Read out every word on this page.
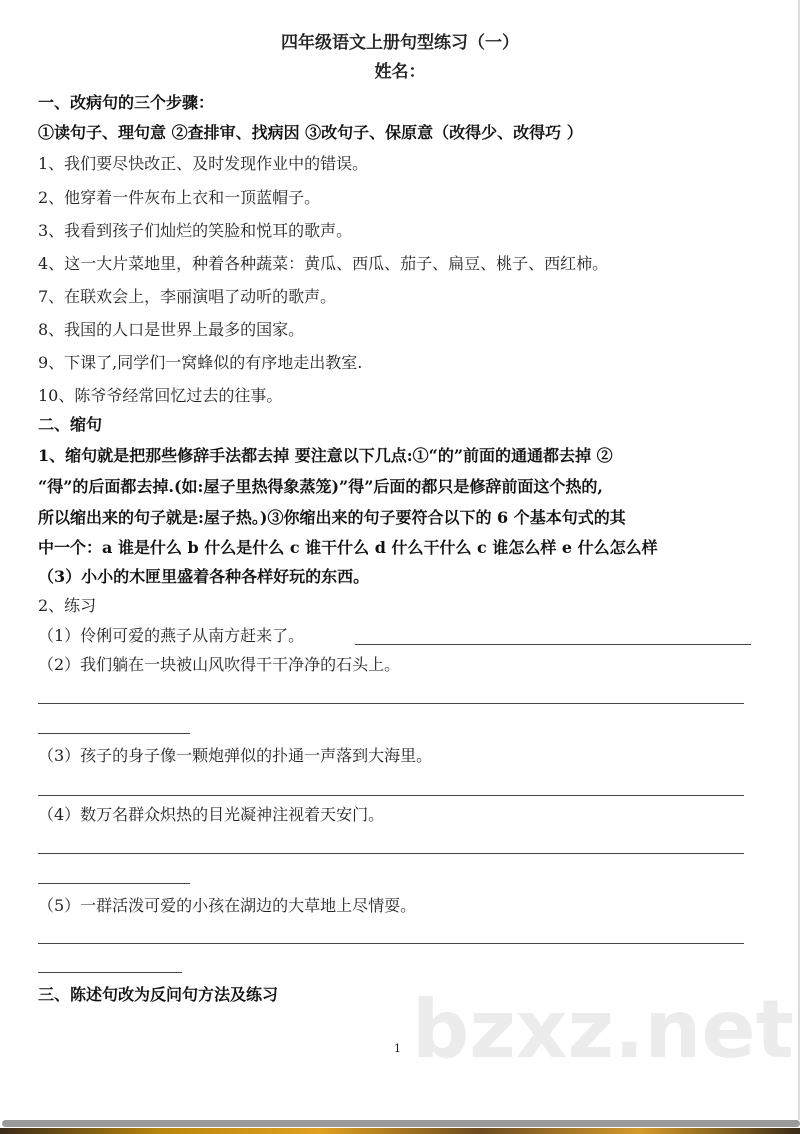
四年级语文上册句型练习（一）
姓名：
一、改病句的三个步骤：
①读句子、理句意 ②查排审、找病因 ③改句子、保原意（改得少、改得巧 ）
1、我们要尽快改正、及时发现作业中的错误。
2、他穿着一件灰布上衣和一顶蓝帽子。
3、我看到孩子们灿烂的笑脸和悦耳的歌声。
4、这一大片菜地里，种着各种蔬菜：黄瓜、西瓜、茄子、扁豆、桃子、西红柿。
7、在联欢会上，李丽演唱了动听的歌声。
8、我国的人口是世界上最多的国家。
9、下课了,同学们一窝蜂似的有序地走出教室.
10、陈爷爷经常回忆过去的往事。
二、缩句
1、缩句就是把那些修辞手法都去掉 要注意以下几点:①“的”前面的通通都去掉 ②
“得”的后面都去掉.(如:屋子里热得象蒸笼)”得”后面的都只是修辞前面这个热的,
所以缩出来的句子就是:屋子热。)③你缩出来的句子要符合以下的 6 个基本句式的其
中一个：a 谁是什么 b 什么是什么 c 谁干什么 d 什么干什么 c 谁怎么样 e 什么怎么样
（3）小小的木匣里盛着各种各样好玩的东西。
2、练习
（1）伶俐可爱的燕子从南方赶来了。
（2）我们躺在一块被山风吹得干干净净的石头上。
（3）孩子的身子像一颗炮弹似的扑通一声落到大海里。
（4）数万名群众炽热的目光凝神注视着天安门。
（5）一群活泼可爱的小孩在湖边的大草地上尽情耍。
三、陈述句改为反问句方法及练习 bzxz.net
1
